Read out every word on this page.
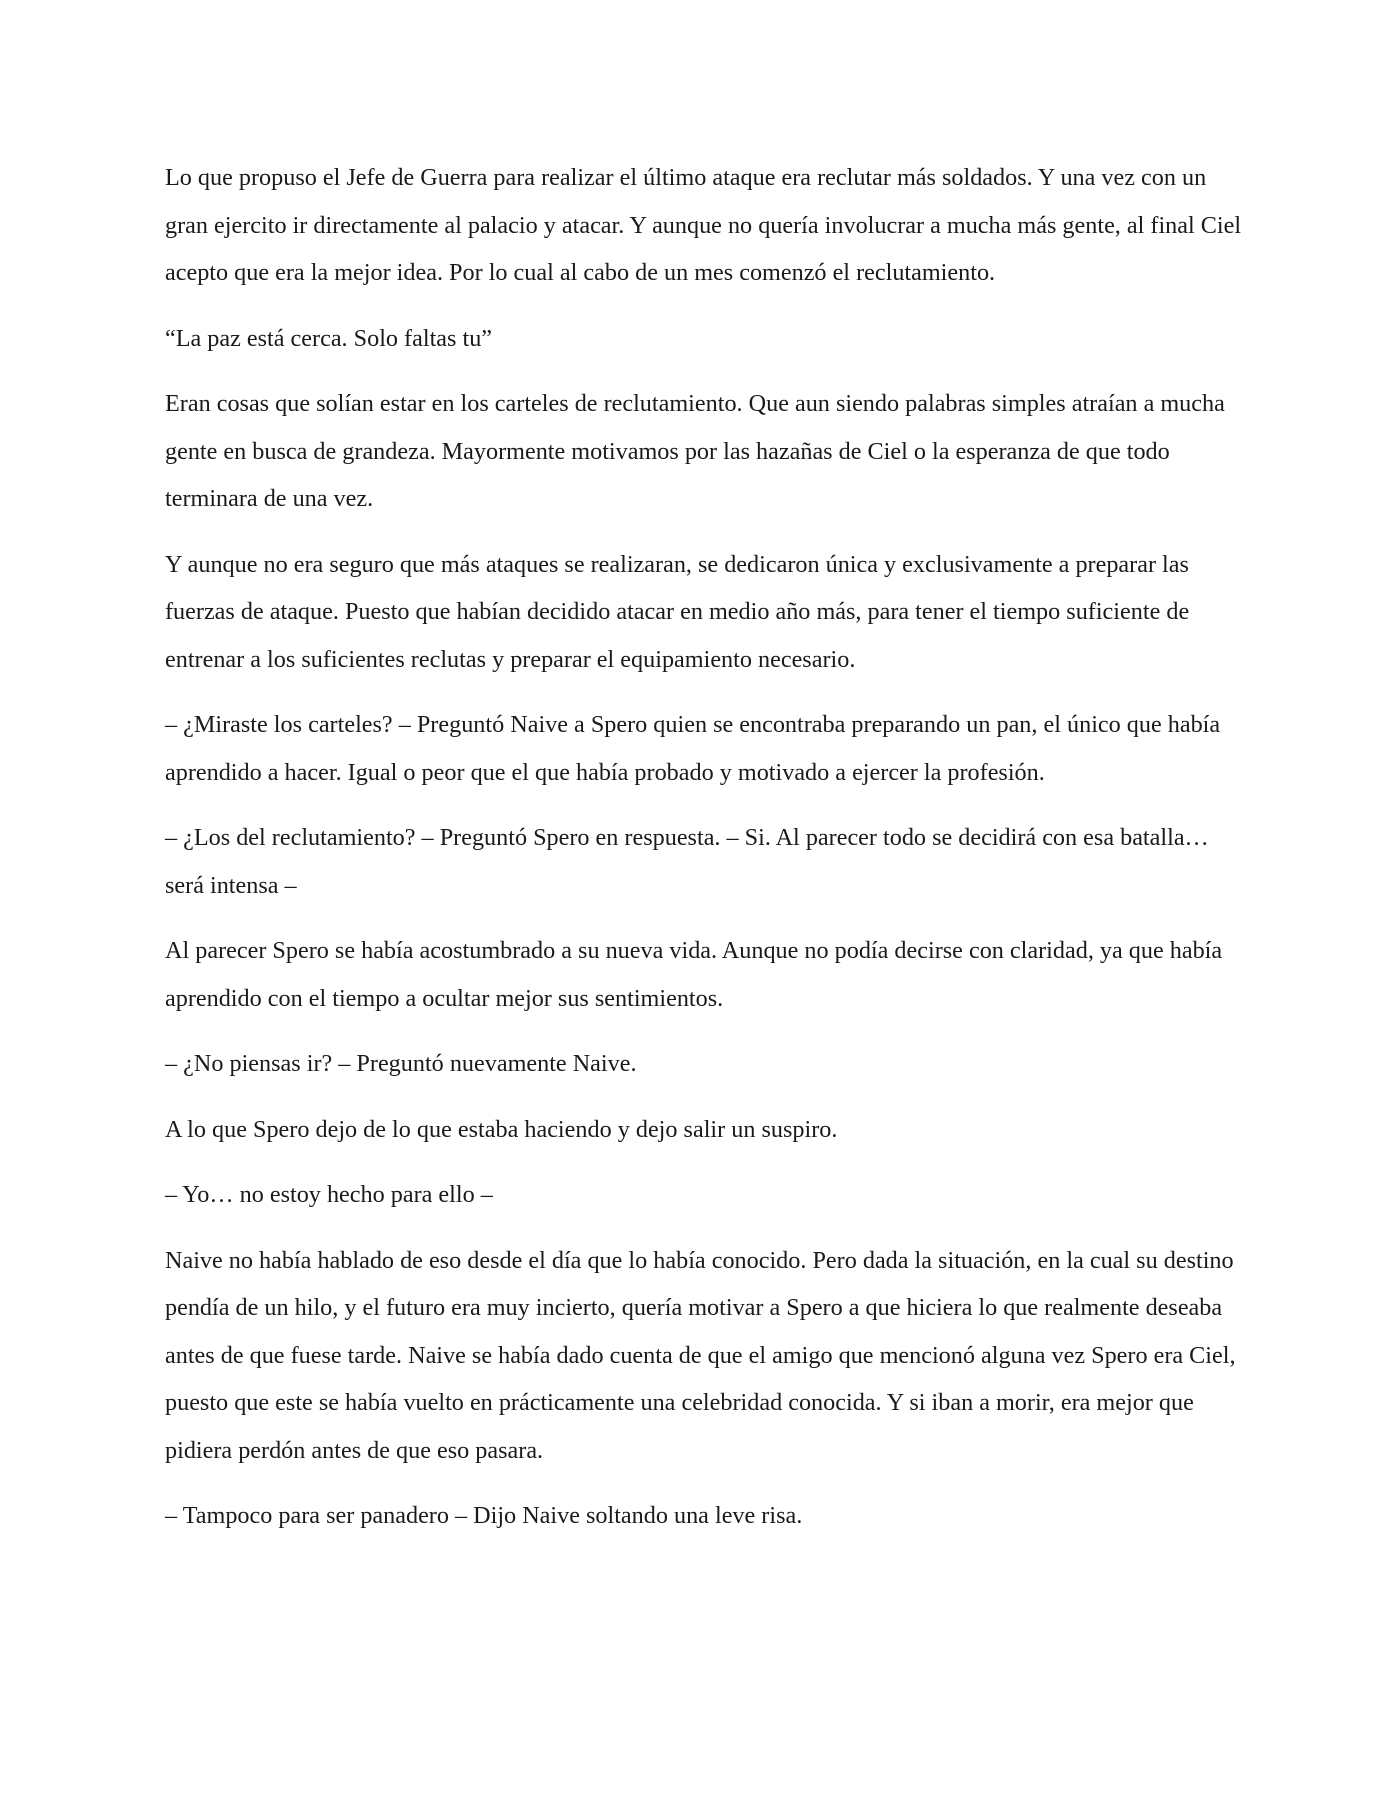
Lo que propuso el Jefe de Guerra para realizar el último ataque era reclutar más soldados. Y una vez con un gran ejercito ir directamente al palacio y atacar. Y aunque no quería involucrar a mucha más gente, al final Ciel acepto que era la mejor idea. Por lo cual al cabo de un mes comenzó el reclutamiento.

“La paz está cerca. Solo faltas tu”

Eran cosas que solían estar en los carteles de reclutamiento. Que aun siendo palabras simples atraían a mucha gente en busca de grandeza. Mayormente motivamos por las hazañas de Ciel o la esperanza de que todo terminara de una vez.

Y aunque no era seguro que más ataques se realizaran, se dedicaron única y exclusivamente a preparar las fuerzas de ataque. Puesto que habían decidido atacar en medio año más, para tener el tiempo suficiente de entrenar a los suficientes reclutas y preparar el equipamiento necesario.

– ¿Miraste los carteles? – Preguntó Naive a Spero quien se encontraba preparando un pan, el único que había aprendido a hacer. Igual o peor que el que había probado y motivado a ejercer la profesión.

– ¿Los del reclutamiento? – Preguntó Spero en respuesta. – Si. Al parecer todo se decidirá con esa batalla… será intensa –

Al parecer Spero se había acostumbrado a su nueva vida. Aunque no podía decirse con claridad, ya que había aprendido con el tiempo a ocultar mejor sus sentimientos.

– ¿No piensas ir? – Preguntó nuevamente Naive.

A lo que Spero dejo de lo que estaba haciendo y dejo salir un suspiro.

– Yo… no estoy hecho para ello –

Naive no había hablado de eso desde el día que lo había conocido. Pero dada la situación, en la cual su destino pendía de un hilo, y el futuro era muy incierto, quería motivar a Spero a que hiciera lo que realmente deseaba antes de que fuese tarde. Naive se había dado cuenta de que el amigo que mencionó alguna vez Spero era Ciel, puesto que este se había vuelto en prácticamente una celebridad conocida. Y si iban a morir, era mejor que pidiera perdón antes de que eso pasara.

– Tampoco para ser panadero – Dijo Naive soltando una leve risa.
